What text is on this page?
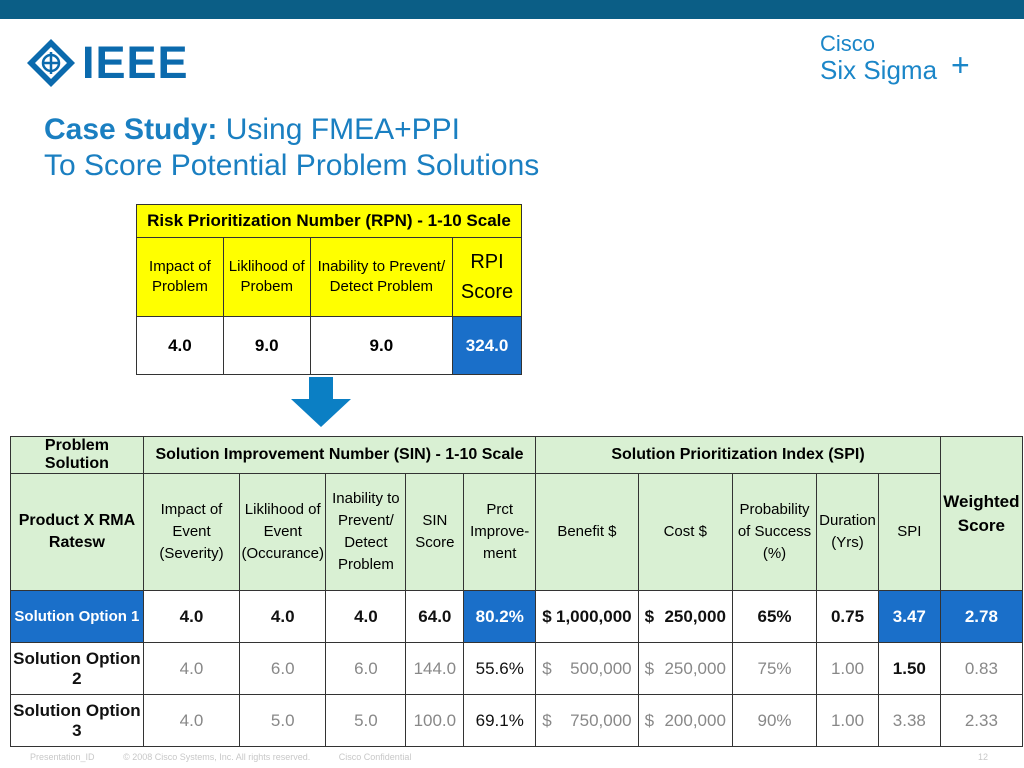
IEEE	Cisco
Six Sigma +
Case Study: Using FMEA+PPI
To Score Potential Problem Solutions
Risk Prioritization Number (RPN) - 1-10 Scale			
Impact of Problem	Liklihood of Probem	Inability to Prevent/ Detect Problem	RPI Score
4.0	9.0	9.0	324.0
Problem Solution	Solution Improvement Number (SIN) - 1-10 Scale					Solution Prioritization Index (SPI)					Weighted Score
Product X RMA Ratesw	Impact of Event (Severity)	Liklihood of Event (Occurance)	Inability to Prevent/ Detect Problem	SIN Score	Prct Improve-ment	Benefit $	Cost $	Probability of Success (%)	Duration (Yrs)	SPI	
Solution Option 1	4.0	4.0	4.0	64.0	80.2%	$ 1,000,000	$ 250,000	65%	0.75	3.47	2.78
Solution Option 2	4.0	6.0	6.0	144.0	55.6%	$ 500,000	$ 250,000	75%	1.00	1.50	0.83
Solution Option 3	4.0	5.0	5.0	100.0	69.1%	$ 750,000	$ 200,000	90%	1.00	3.38	2.33
Presentation_ID	© 2008 Cisco Systems, Inc. All rights reserved.	Cisco Confidential	12
